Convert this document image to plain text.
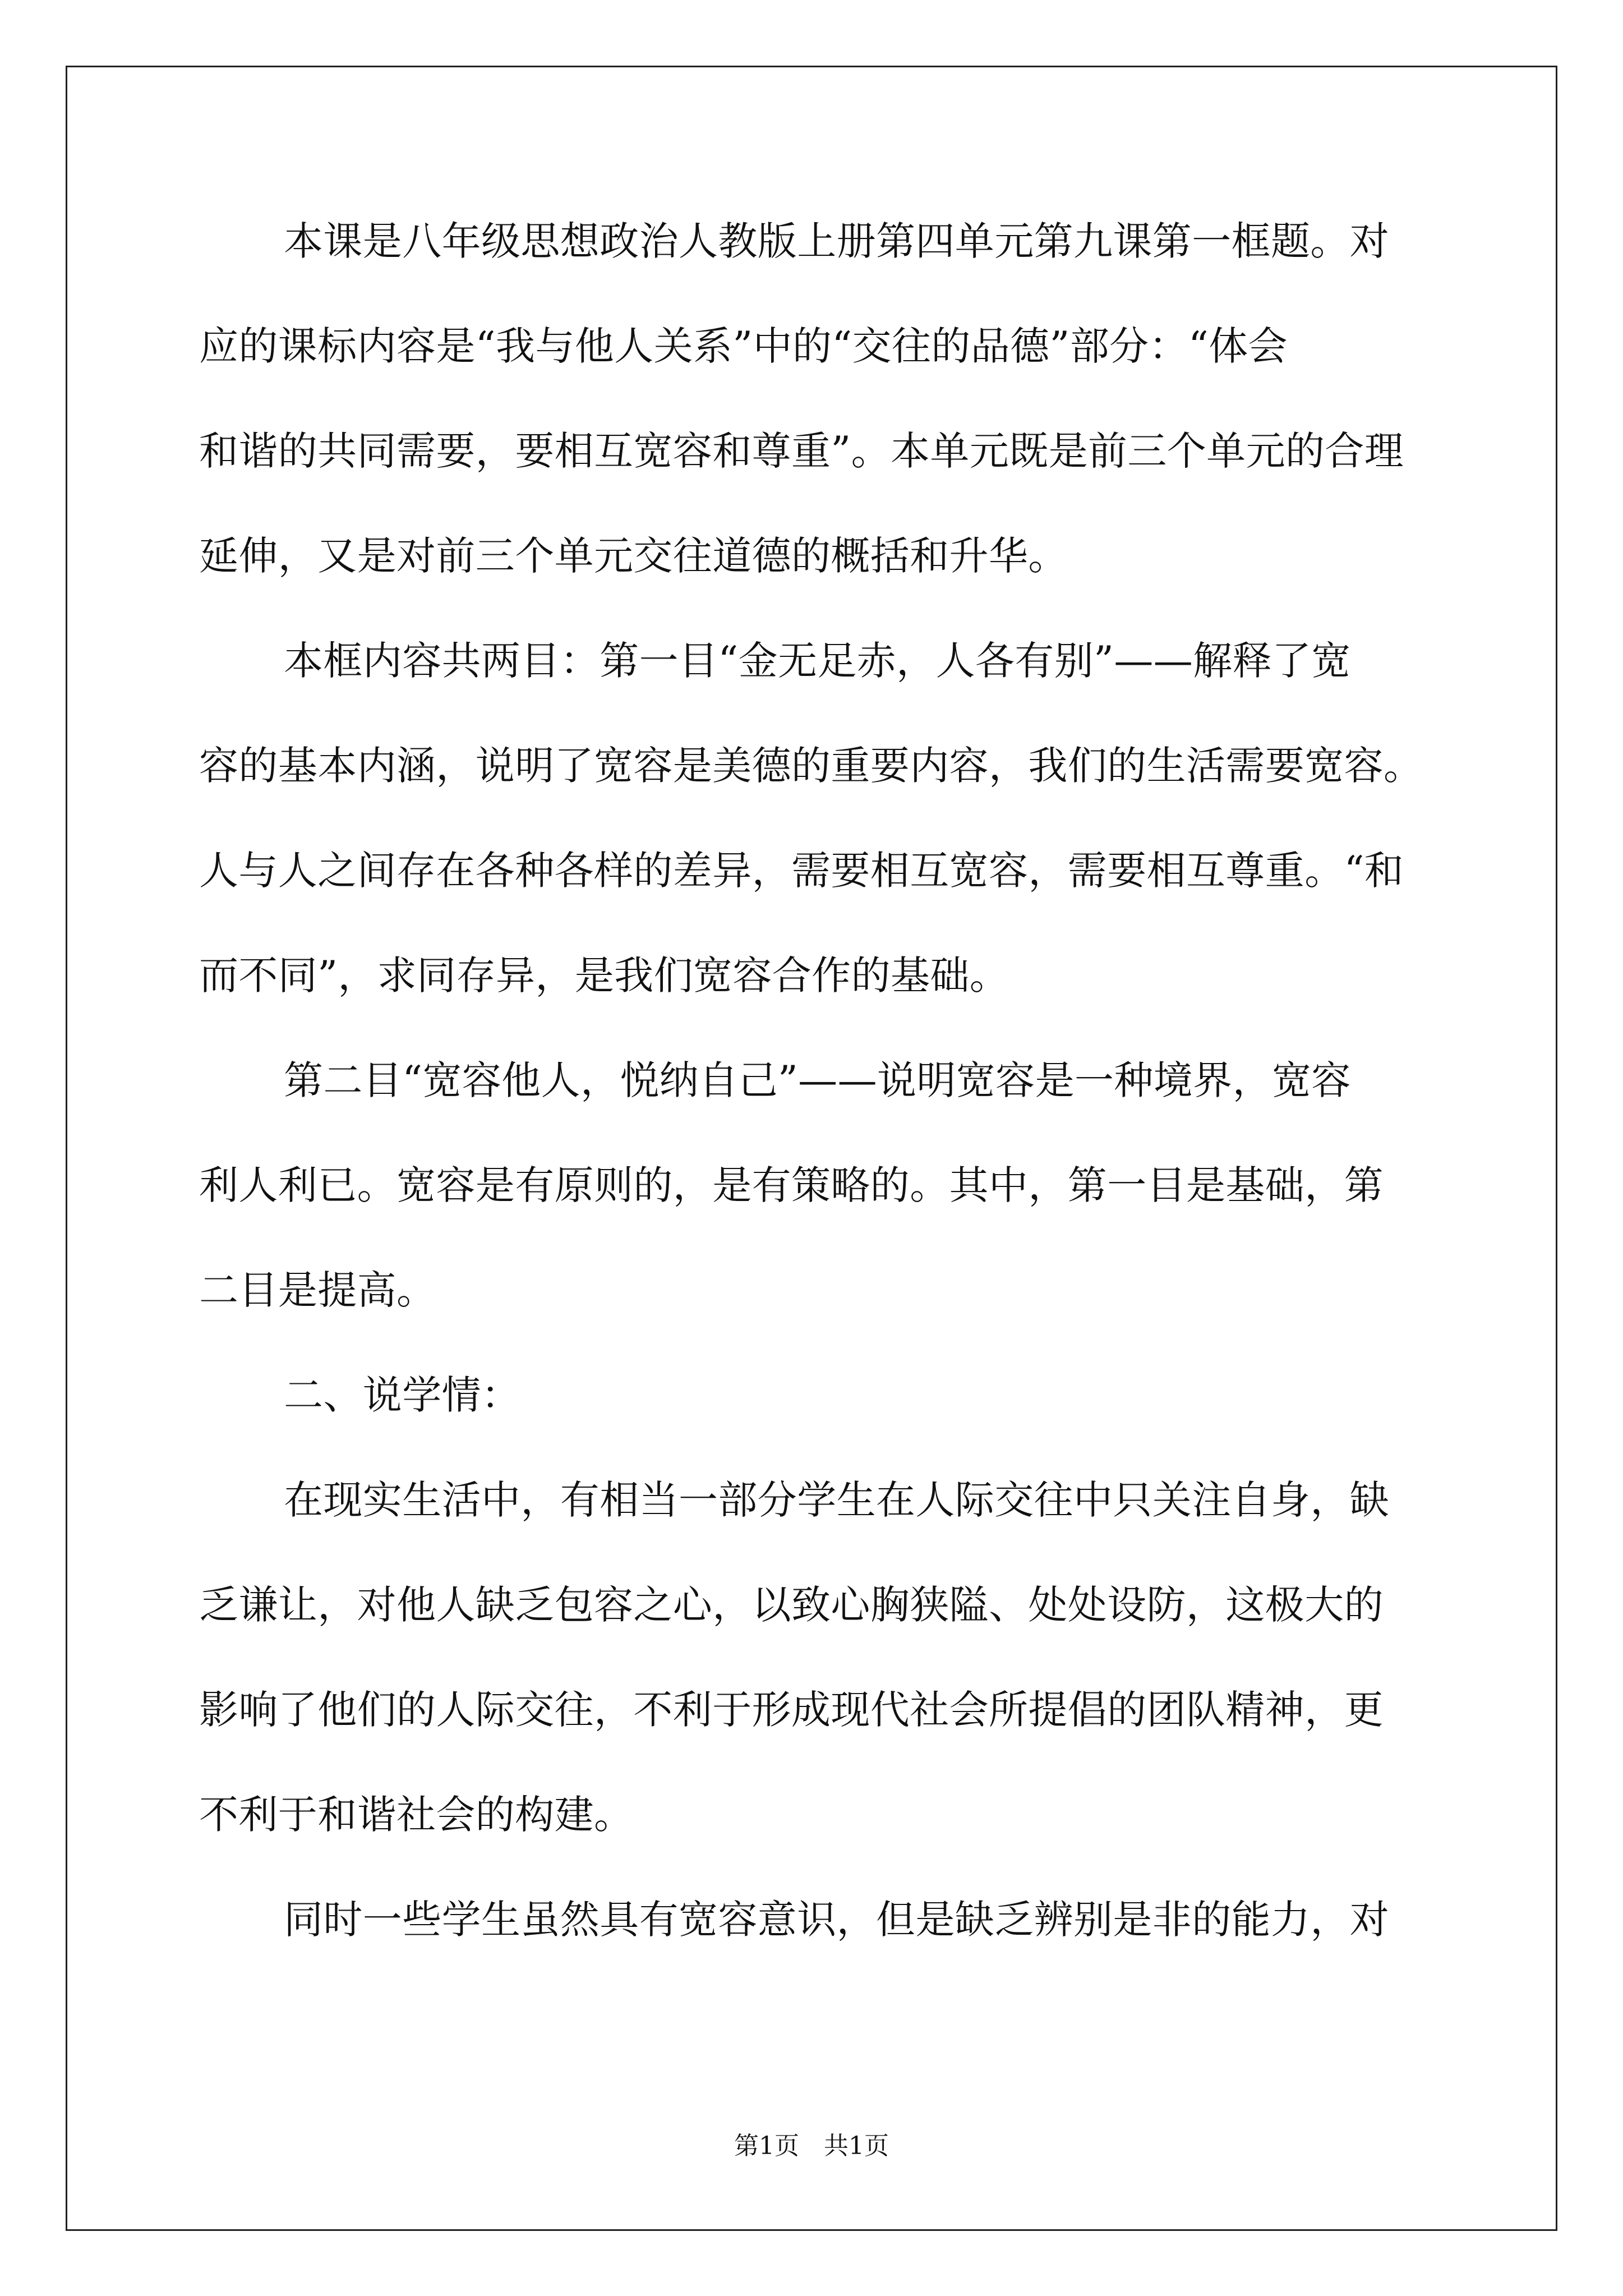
本课是八年级思想政治人教版上册第四单元第九课第一框题。对
应的课标内容是“我与他人关系”中的“交往的品德”部分：“体会
和谐的共同需要，要相互宽容和尊重”。本单元既是前三个单元的合理
延伸，又是对前三个单元交往道德的概括和升华。
本框内容共两目：第一目“金无足赤，人各有别”——解释了宽
容的基本内涵，说明了宽容是美德的重要内容，我们的生活需要宽容。
人与人之间存在各种各样的差异，需要相互宽容，需要相互尊重。“和
而不同”，求同存异，是我们宽容合作的基础。
第二目“宽容他人，悦纳自己”——说明宽容是一种境界，宽容
利人利已。宽容是有原则的，是有策略的。其中，第一目是基础，第
二目是提高。
二、说学情：
在现实生活中，有相当一部分学生在人际交往中只关注自身，缺
乏谦让，对他人缺乏包容之心，以致心胸狭隘、处处设防，这极大的
影响了他们的人际交往，不利于形成现代社会所提倡的团队精神，更
不利于和谐社会的构建。
同时一些学生虽然具有宽容意识，但是缺乏辨别是非的能力，对
第1页　共1页
